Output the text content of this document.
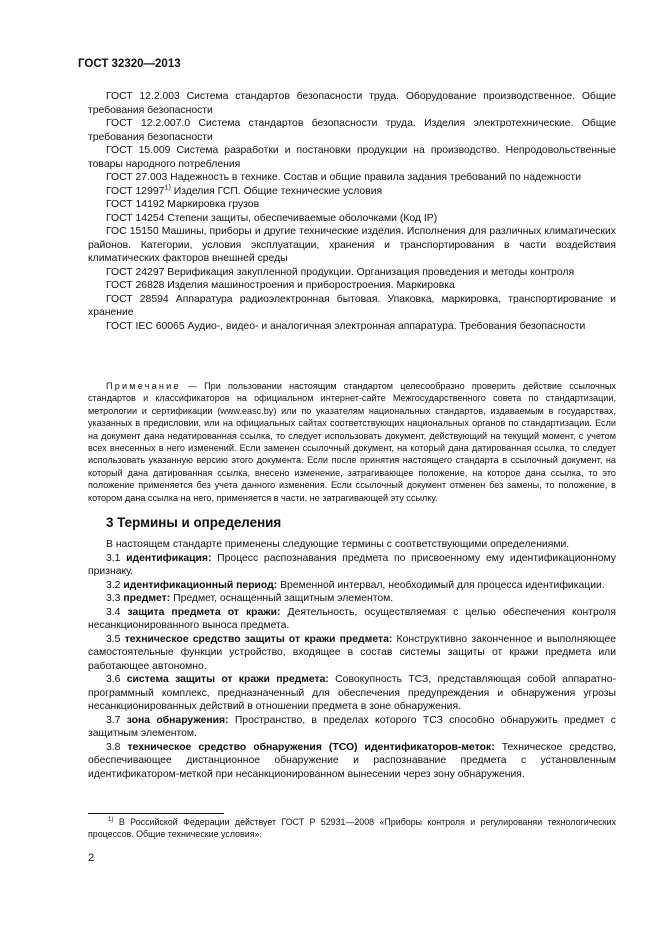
ГОСТ 32320—2013

ГОСТ 12.2.003 Система стандартов безопасности труда. Оборудование производственное. Общие требования безопасности

ГОСТ 12.2.007.0 Система стандартов безопасности труда. Изделия электротехнические. Общие требования безопасности

ГОСТ 15.009 Система разработки и постановки продукции на производство. Непродовольственные товары народного потребления

ГОСТ 27.003 Надежность в технике. Состав и общие правила задания требований по надежности

ГОСТ 12997$^{1)}$ Изделия ГСП. Общие технические условия

ГОСТ 14192 Маркировка грузов

ГОСТ 14254 Степени защиты, обеспечиваемые оболочками (Код IP)

ГОС 15150 Машины, приборы и другие технические изделия. Исполнения для различных климатических районов. Категории, условия эксплуатации, хранения и транспортирования в части воздействия климатических факторов внешней среды

ГОСТ 24297 Верификация закупленной продукции. Организация проведения и методы контроля

ГОСТ 26828 Изделия машиностроения и приборостроения. Маркировка

ГОСТ 28594 Аппаратура радиоэлектронная бытовая. Упаковка, маркировка, транспортирование и хранение

ГОСТ IEC 60065 Аудио-, видео- и аналогичная электронная аппаратура. Требования безопасности

Примечание — При пользовании настоящим стандартом целесообразно проверить действие ссылочных стандартов и классификаторов на официальном интернет-сайте Межгосударственного совета по стандартизации, метрологии и сертификации (www.easc.by) или по указателям национальных стандартов, издаваемым в государствах, указанных в предисловии, или на официальных сайтах соответствующих национальных органов по стандартизации. Если на документ дана недатированная ссылка, то следует использовать документ, действующий на текущий момент, с учетом всех внесенных в него изменений. Если заменен ссылочный документ, на который дана датированная ссылка, то следует использовать указанную версию этого документа. Если после принятия настоящего стандарта в ссылочный документ, на который дана датированная ссылка, внесено изменение, затрагивающее положение, на которое дана ссылка, то это положение применяется без учета данного изменения. Если ссылочный документ отменен без замены, то положение, в котором дана ссылка на него, применяется в части, не затрагивающей эту ссылку.

3 Термины и определения

В настоящем стандарте применены следующие термины с соответствующими определениями.

3.1 идентификация: Процесс распознавания предмета по присвоенному ему идентификационному признаку.

3.2 идентификационный период: Временной интервал, необходимый для процесса идентификации.

3.3 предмет: Предмет, оснащенный защитным элементом.

3.4 защита предмета от кражи: Деятельность, осуществляемая с целью обеспечения контроля несанкционированного выноса предмета.

3.5 техническое средство защиты от кражи предмета: Конструктивно законченное и выполняющее самостоятельные функции устройство, входящее в состав системы защиты от кражи предмета или работающее автономно.

3.6 система защиты от кражи предмета: Совокупность ТСЗ, представляющая собой аппаратно-программный комплекс, предназначенный для обеспечения предупреждения и обнаружения угрозы несанкционированных действий в отношении предмета в зоне обнаружения.

3.7 зона обнаружения: Пространство, в пределах которого ТСЗ способно обнаружить предмет с защитным элементом.

3.8 техническое средство обнаружения (ТСО) идентификаторов-меток: Техническое средство, обеспечивающее дистанционное обнаружение и распознавание предмета с установленным идентификатором-меткой при несанкционированном вынесении через зону обнаружения.

$^{1)}$ В Российской Федерации действует ГОСТ Р 52931—2008 «Приборы контроля и регулированяи технологических процессов. Общие технические условия».

2
